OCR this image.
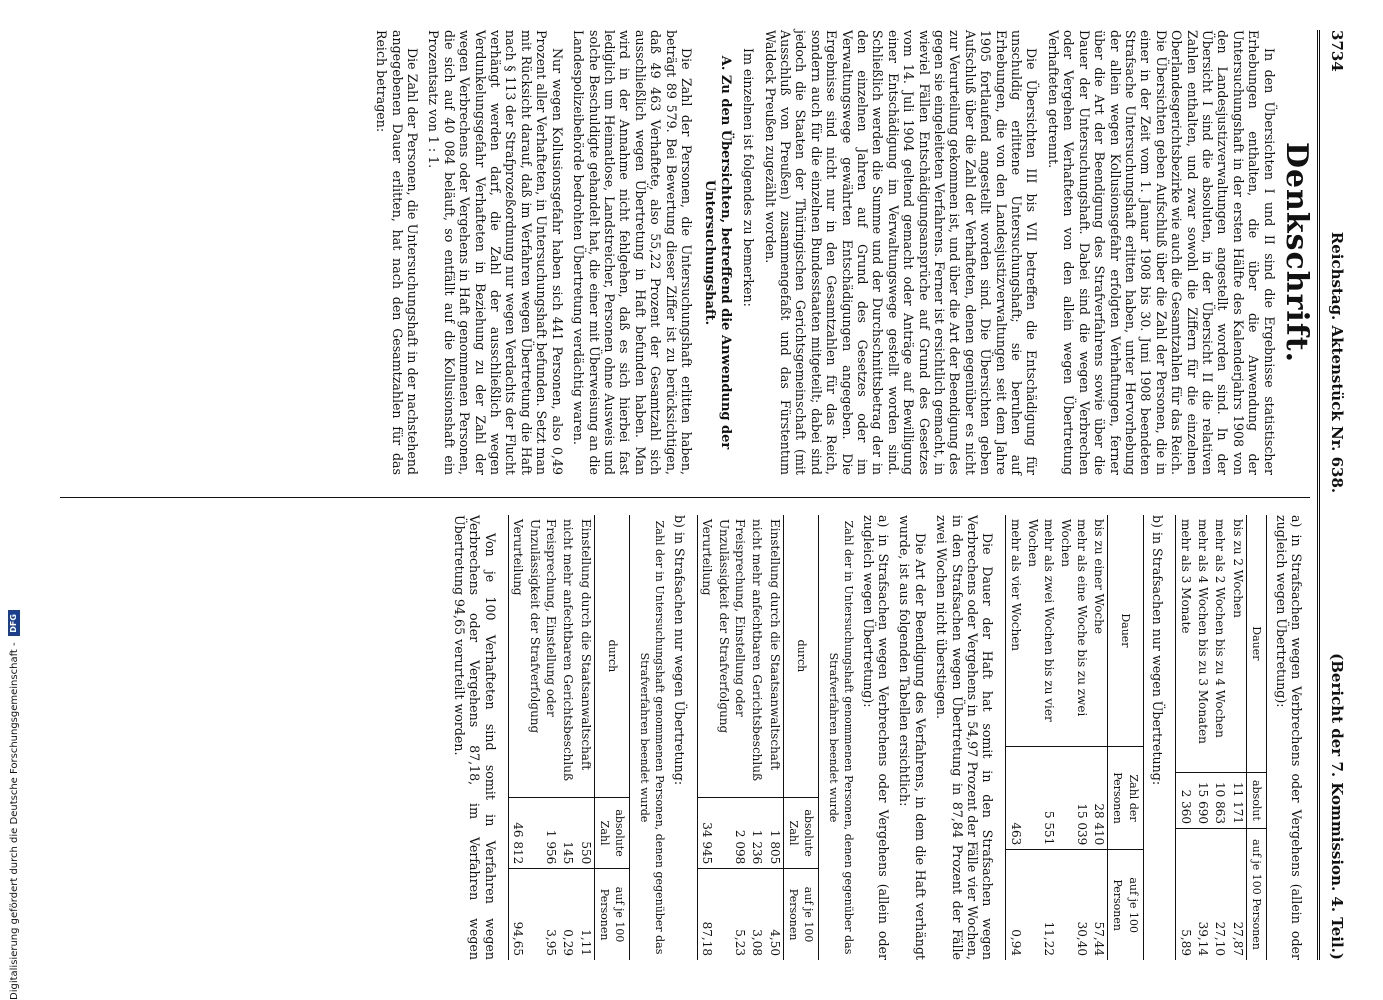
3734
Reichstag. Aktenstück Nr. 638.
(Bericht der 7. Kommission. 4. Teil.)
Denkschrift.

In den Übersichten I und II sind die Ergebnisse statistischer Erhebungen enthalten, die über die Anwendung der Untersuchungshaft in der ersten Hälfte des Kalenderjahrs 1908 von den Landesjustizverwaltungen angestellt worden sind. In der Übersicht I sind die absoluten, in der Übersicht II die relativen Zahlen enthalten, und zwar sowohl die Ziffern für die einzelnen Oberlandesgerichtsbezirke wie auch die Gesamtzahlen für das Reich. Die Übersichten geben Aufschluß über die Zahl der Personen, die in einer in der Zeit vom 1. Januar 1908 bis 30. Juni 1908 beendeten Strafsache Untersuchungshaft erlitten haben, unter Hervorhebung der allein wegen Kollusionsgefahr erfolgten Verhaftungen, ferner über die Art der Beendigung des Strafverfahrens sowie über die Dauer der Untersuchungshaft. Dabei sind die wegen Verbrechen oder Vergehen Verhafteten von den allein wegen Übertretung Verhafteten getrennt.

Die Übersichten III bis VII betreffen die Entschädigung für unschuldig erlittene Untersuchungshaft; sie beruhen auf Erhebungen, die von den Landesjustizverwaltungen seit dem Jahre 1905 fortlaufend angestellt worden sind. Die Übersichten geben Aufschluß über die Zahl der Verhafteten, denen gegenüber es nicht zur Verurteilung gekommen ist, und über die Art der Beendigung des gegen sie eingeleiteten Verfahrens. Ferner ist ersichtlich gemacht, in wieviel Fällen Entschädigungsansprüche auf Grund des Gesetzes vom 14. Juli 1904 geltend gemacht oder Anträge auf Bewilligung einer Entschädigung im Verwaltungswege gestellt worden sind. Schließlich werden die Summe und der Durchschnittsbetrag der in den einzelnen Jahren auf Grund des Gesetzes oder im Verwaltungswege gewährten Entschädigungen angegeben. Die Ergebnisse sind nicht nur in den Gesamtzahlen für das Reich, sondern auch für die einzelnen Bundesstaaten mitgeteilt; dabei sind jedoch die Staaten der Thüringischen Gerichtsgemeinschaft (mit Ausschluß von Preußen) zusammengefaßt und das Fürstentum Waldeck Preußen zugezählt worden.

Im einzelnen ist folgendes zu bemerken:

A. Zu den Übersichten, betreffend die Anwendung der Untersuchungshaft.

Die Zahl der Personen, die Untersuchungshaft erlitten haben, beträgt 89 579. Bei Bewertung dieser Ziffer ist zu berücksichtigen, daß 49 463 Verhaftete, also 55,22 Prozent der Gesamtzahl sich ausschließlich wegen Übertretung in Haft befunden haben. Man wird in der Annahme nicht fehlgehen, daß es sich hierbei fast lediglich um Heimatlose, Landstreicher, Personen ohne Ausweis und solche Beschuldigte gehandelt hat, die einer mit Überweisung an die Landespolizeibehörde bedrohten Übertretung verdächtig waren.

Nur wegen Kollusionsgefahr haben sich 441 Personen, also 0,49 Prozent aller Verhafteten, in Untersuchungshaft befunden. Setzt man mit Rücksicht darauf, daß im Verfahren wegen Übertretung die Haft nach § 113 der Strafprozeßordnung nur wegen Verdachts der Flucht verhängt werden darf, die Zahl der ausschließlich wegen Verdunkelungsgefahr Verhafteten in Beziehung zu der Zahl der wegen Verbrechens oder Vergehens in Haft genommenen Personen, die sich auf 40 084 beläuft, so entfällt auf die Kollusionshaft ein Prozentsatz von 1 : 1.

Die Zahl der Personen, die Untersuchungshaft in der nachstehend angegebenen Dauer erlitten, hat nach den Gesamtzahlen für das Reich betragen:

a) in Strafsachen wegen Verbrechens oder Vergehens (allein oder zugleich wegen Übertretung):

Dauer	absolut	auf je 100 Personen
bis zu 2 Wochen	11 171	27,87
mehr als 2 Wochen bis zu 4 Wochen	10 863	27,10
mehr als 4 Wochen bis zu 3 Monaten	15 690	39,14
mehr als 3 Monate	2 360	5,89

b) in Strafsachen nur wegen Übertretung:

Dauer	Zahl der Personen	auf je 100 Personen
bis zu einer Woche	28 410	57,44
mehr als eine Woche bis zu zwei Wochen	15 039	30,40
mehr als zwei Wochen bis zu vier Wochen	5 551	11,22
mehr als vier Wochen	463	0,94

Die Dauer der Haft hat somit in den Strafsachen wegen Verbrechens oder Vergehens in 54,97 Prozent der Fälle vier Wochen, in den Strafsachen wegen Übertretung in 87,84 Prozent der Fälle zwei Wochen nicht überstiegen.

Die Art der Beendigung des Verfahrens, in dem die Haft verhängt wurde, ist aus folgenden Tabellen ersichtlich:

a) in Strafsachen wegen Verbrechens oder Vergehens (allein oder zugleich wegen Übertretung):

Zahl der in Untersuchungshaft genommenen Personen, denen gegenüber das Strafverfahren beendet wurde
durch	absolute Zahl	auf je 100 Personen
Einstellung durch die Staatsanwaltschaft	1 805	4,50
nicht mehr anfechtbaren Gerichtsbeschluß	1 236	3,08
Freisprechung, Einstellung oder Unzulässigkeit der Strafverfolgung	2 098	5,23
Verurteilung	34 945	87,18

b) in Strafsachen nur wegen Übertretung:

Zahl der in Untersuchungshaft genommenen Personen, denen gegenüber das Strafverfahren beendet wurde
durch	absolute Zahl	auf je 100 Personen
Einstellung durch die Staatsanwaltschaft	550	1,11
nicht mehr anfechtbaren Gerichtsbeschluß	145	0,29
Freisprechung, Einstellung oder Unzulässigkeit der Strafverfolgung	1 956	3,95
Verurteilung	46 812	94,65

Von je 100 Verhafteten sind somit in Verfahren wegen Verbrechens oder Vergehens 87,18, im Verfahren wegen Übertretung 94,65 verurteilt worden.

Digitalisierung gefördert durch die Deutsche Forschungsgemeinschaft -
DFG
